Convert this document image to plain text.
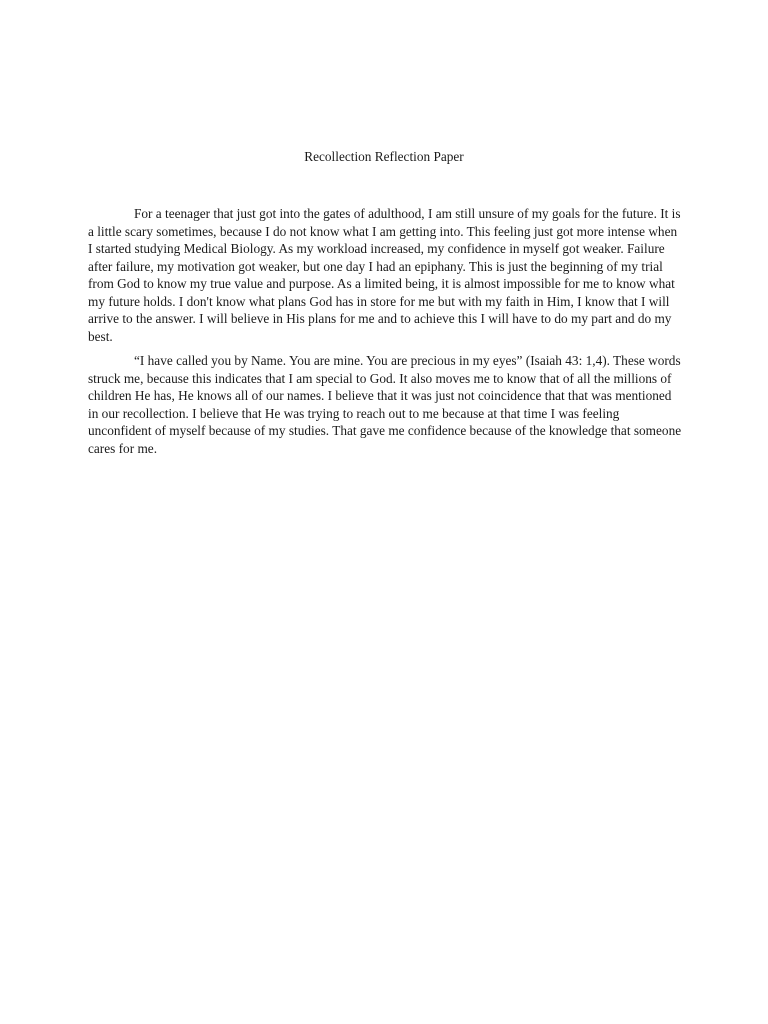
Recollection Reflection Paper

For a teenager that just got into the gates of adulthood, I am still unsure of my goals for the future. It is a little scary sometimes, because I do not know what I am getting into. This feeling just got more intense when I started studying Medical Biology. As my workload increased, my confidence in myself got weaker. Failure after failure, my motivation got weaker, but one day I had an epiphany. This is just the beginning of my trial from God to know my true value and purpose. As a limited being, it is almost impossible for me to know what my future holds. I don't know what plans God has in store for me but with my faith in Him, I know that I will arrive to the answer. I will believe in His plans for me and to achieve this I will have to do my part and do my best.

“I have called you by Name. You are mine. You are precious in my eyes” (Isaiah 43: 1,4). These words struck me, because this indicates that I am special to God. It also moves me to know that of all the millions of children He has, He knows all of our names. I believe that it was just not coincidence that that was mentioned in our recollection. I believe that He was trying to reach out to me because at that time I was feeling unconfident of myself because of my studies. That gave me confidence because of the knowledge that someone cares for me.
